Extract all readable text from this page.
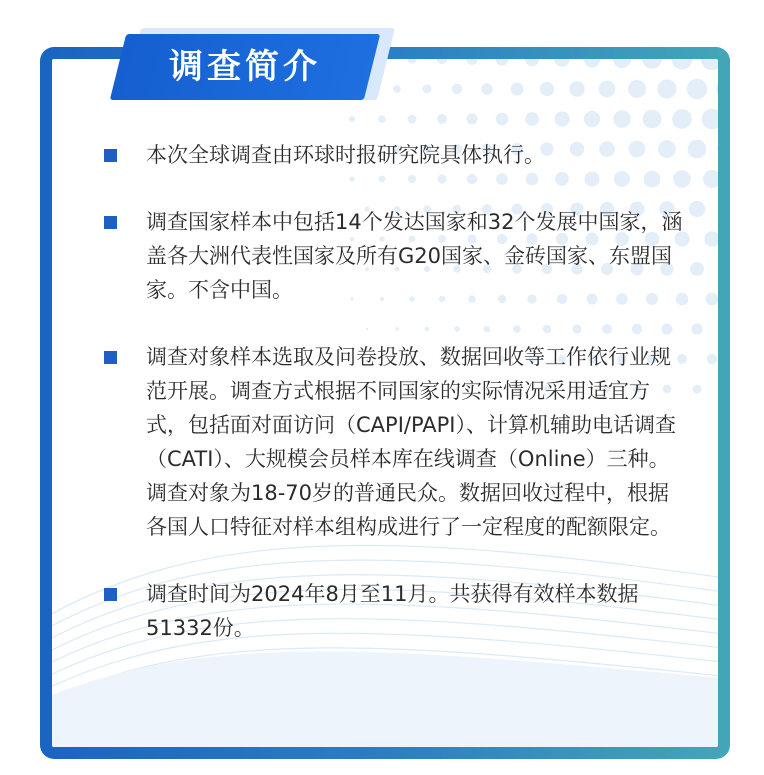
调查简介
本次全球调查由环球时报研究院具体执行。
调查国家样本中包括14个发达国家和32个发展中国家，涵盖各大洲代表性国家及所有G20国家、金砖国家、东盟国家。不含中国。
调查对象样本选取及问卷投放、数据回收等工作依行业规范开展。调查方式根据不同国家的实际情况采用适宜方式，包括面对面访问（CAPI/PAPI）、计算机辅助电话调查（CATI）、大规模会员样本库在线调查（Online）三种。调查对象为18-70岁的普通民众。数据回收过程中，根据各国人口特征对样本组构成进行了一定程度的配额限定。
调查时间为2024年8月至11月。共获得有效样本数据51332份。
